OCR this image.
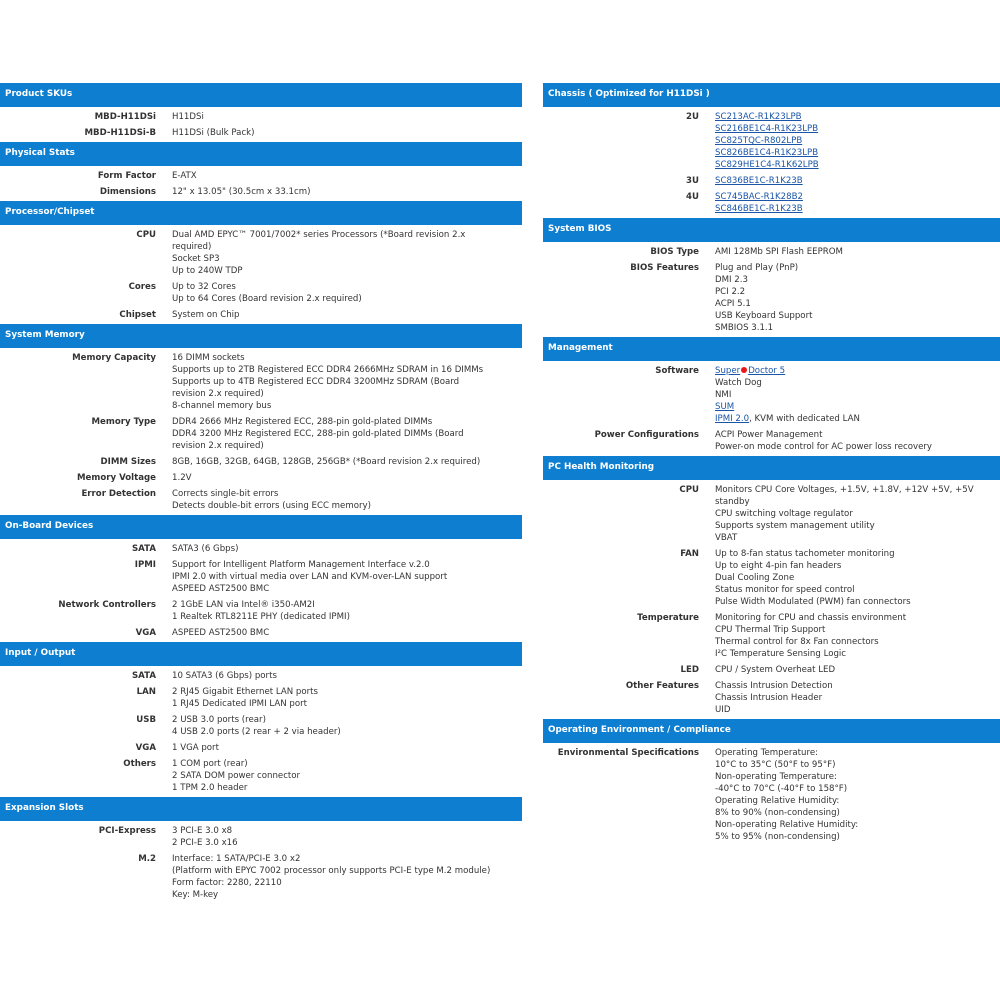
Product SKUs
MBD-H11DSi	H11DSi
MBD-H11DSi-B	H11DSi (Bulk Pack)
Physical Stats
Form Factor	E-ATX
Dimensions	12" x 13.05" (30.5cm x 33.1cm)
Processor/Chipset
CPU	Dual AMD EPYC™ 7001/7002* series Processors (*Board revision 2.x required)
Socket SP3
Up to 240W TDP
Cores	Up to 32 Cores
Up to 64 Cores (Board revision 2.x required)
Chipset	System on Chip
System Memory
Memory Capacity	16 DIMM sockets
Supports up to 2TB Registered ECC DDR4 2666MHz SDRAM in 16 DIMMs
Supports up to 4TB Registered ECC DDR4 3200MHz SDRAM (Board revision 2.x required)
8-channel memory bus
Memory Type	DDR4 2666 MHz Registered ECC, 288-pin gold-plated DIMMs
DDR4 3200 MHz Registered ECC, 288-pin gold-plated DIMMs (Board revision 2.x required)
DIMM Sizes	8GB, 16GB, 32GB, 64GB, 128GB, 256GB* (*Board revision 2.x required)
Memory Voltage	1.2V
Error Detection	Corrects single-bit errors
Detects double-bit errors (using ECC memory)
On-Board Devices
SATA	SATA3 (6 Gbps)
IPMI	Support for Intelligent Platform Management Interface v.2.0
IPMI 2.0 with virtual media over LAN and KVM-over-LAN support
ASPEED AST2500 BMC
Network Controllers	2 1GbE LAN via Intel® i350-AM2I
1 Realtek RTL8211E PHY (dedicated IPMI)
VGA	ASPEED AST2500 BMC
Input / Output
SATA	10 SATA3 (6 Gbps) ports
LAN	2 RJ45 Gigabit Ethernet LAN ports
1 RJ45 Dedicated IPMI LAN port
USB	2 USB 3.0 ports (rear)
4 USB 2.0 ports (2 rear + 2 via header)
VGA	1 VGA port
Others	1 COM port (rear)
2 SATA DOM power connector
1 TPM 2.0 header
Expansion Slots
PCI-Express	3 PCI-E 3.0 x8
2 PCI-E 3.0 x16
M.2	Interface: 1 SATA/PCI-E 3.0 x2
(Platform with EPYC 7002 processor only supports PCI-E type M.2 module)
Form factor: 2280, 22110
Key: M-key
Chassis ( Optimized for H11DSi )
2U	SC213AC-R1K23LPB
SC216BE1C4-R1K23LPB
SC825TQC-R802LPB
SC826BE1C4-R1K23LPB
SC829HE1C4-R1K62LPB
3U	SC836BE1C-R1K23B
4U	SC745BAC-R1K28B2
SC846BE1C-R1K23B
System BIOS
BIOS Type	AMI 128Mb SPI Flash EEPROM
BIOS Features	Plug and Play (PnP)
DMI 2.3
PCI 2.2
ACPI 5.1
USB Keyboard Support
SMBIOS 3.1.1
Management
Software	Super Doctor 5
Watch Dog
NMI
SUM
IPMI 2.0, KVM with dedicated LAN
Power Configurations	ACPI Power Management
Power-on mode control for AC power loss recovery
PC Health Monitoring
CPU	Monitors CPU Core Voltages, +1.5V, +1.8V, +12V +5V, +5V standby
CPU switching voltage regulator
Supports system management utility
VBAT
FAN	Up to 8-fan status tachometer monitoring
Up to eight 4-pin fan headers
Dual Cooling Zone
Status monitor for speed control
Pulse Width Modulated (PWM) fan connectors
Temperature	Monitoring for CPU and chassis environment
CPU Thermal Trip Support
Thermal control for 8x Fan connectors
I²C Temperature Sensing Logic
LED	CPU / System Overheat LED
Other Features	Chassis Intrusion Detection
Chassis Intrusion Header
UID
Operating Environment / Compliance
Environmental Specifications	Operating Temperature:
10°C to 35°C (50°F to 95°F)
Non-operating Temperature:
-40°C to 70°C (-40°F to 158°F)
Operating Relative Humidity:
8% to 90% (non-condensing)
Non-operating Relative Humidity:
5% to 95% (non-condensing)
